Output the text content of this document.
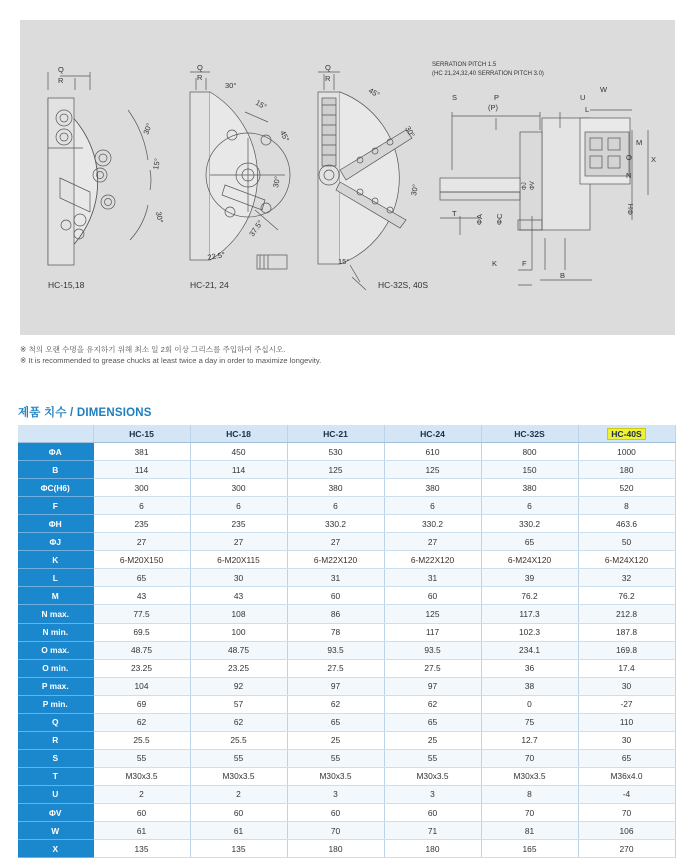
Q
R
30°
15°
30°
HC-15,18
Q
R
30°
15°
45°
30°
22.5°
37.5°
HC-21, 24
Q
R
45°
30°
30°
15°
HC-32S, 40S
SERRATION PITCH 1.5
(HC 21,24,32,40 SERRATION PITCH 3.0)
S	P
(P)
U
W
L
M
O	X
N
ΦJ ΦV
ΦA ΦC
T	ΦH
K	F
B
※ 척의 오랜 수명을 유지하기 위해 최소 일 2회 이상 그리스를 주입하여 주십시오.
※ It is recommended to grease chucks at least twice a day in order to maximize longevity.
제품 치수 / DIMENSIONS
	HC-15	HC-18	HC-21	HC-24	HC-32S	HC-40S
ΦA	381	450	530	610	800	1000
B	114	114	125	125	150	180
ΦC(H6)	300	300	380	380	380	520
F	6	6	6	6	6	8
ΦH	235	235	330.2	330.2	330.2	463.6
ΦJ	27	27	27	27	65	50
K	6-M20X150	6-M20X115	6-M22X120	6-M22X120	6-M24X120	6-M24X120
L	65	30	31	31	39	32
M	43	43	60	60	76.2	76.2
N max.	77.5	108	86	125	117.3	212.8
N min.	69.5	100	78	117	102.3	187.8
O max.	48.75	48.75	93.5	93.5	234.1	169.8
O min.	23.25	23.25	27.5	27.5	36	17.4
P max.	104	92	97	97	38	30
P min.	69	57	62	62	0	-27
Q	62	62	65	65	75	110
R	25.5	25.5	25	25	12.7	30
S	55	55	55	55	70	65
T	M30x3.5	M30x3.5	M30x3.5	M30x3.5	M30x3.5	M36x4.0
U	2	2	3	3	8	-4
ΦV	60	60	60	60	70	70
W	61	61	70	71	81	106
X	135	135	180	180	165	270
